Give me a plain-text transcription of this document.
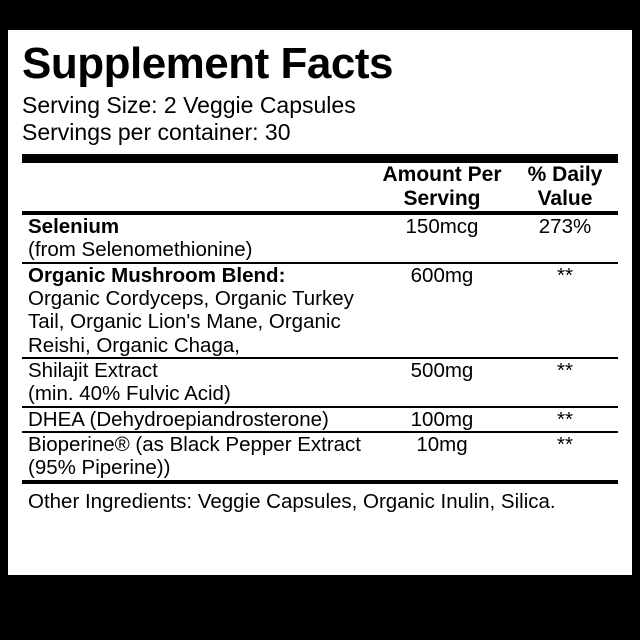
Supplement Facts
Serving Size: 2 Veggie Capsules
Servings per container: 30
	Amount Per Serving	% Daily Value
Selenium
(from Selenomethionine)
	150mcg	273%
Organic Mushroom Blend:
Organic Cordyceps, Organic Turkey Tail, Organic Lion's Mane, Organic Reishi, Organic Chaga,
	600mg	**
Shilajit Extract
(min. 40% Fulvic Acid)
	500mg	**
DHEA (Dehydroepiandrosterone)	100mg	**
Bioperine® (as Black Pepper Extract (95% Piperine))	10mg	**
Other Ingredients: Veggie Capsules, Organic Inulin, Silica.
